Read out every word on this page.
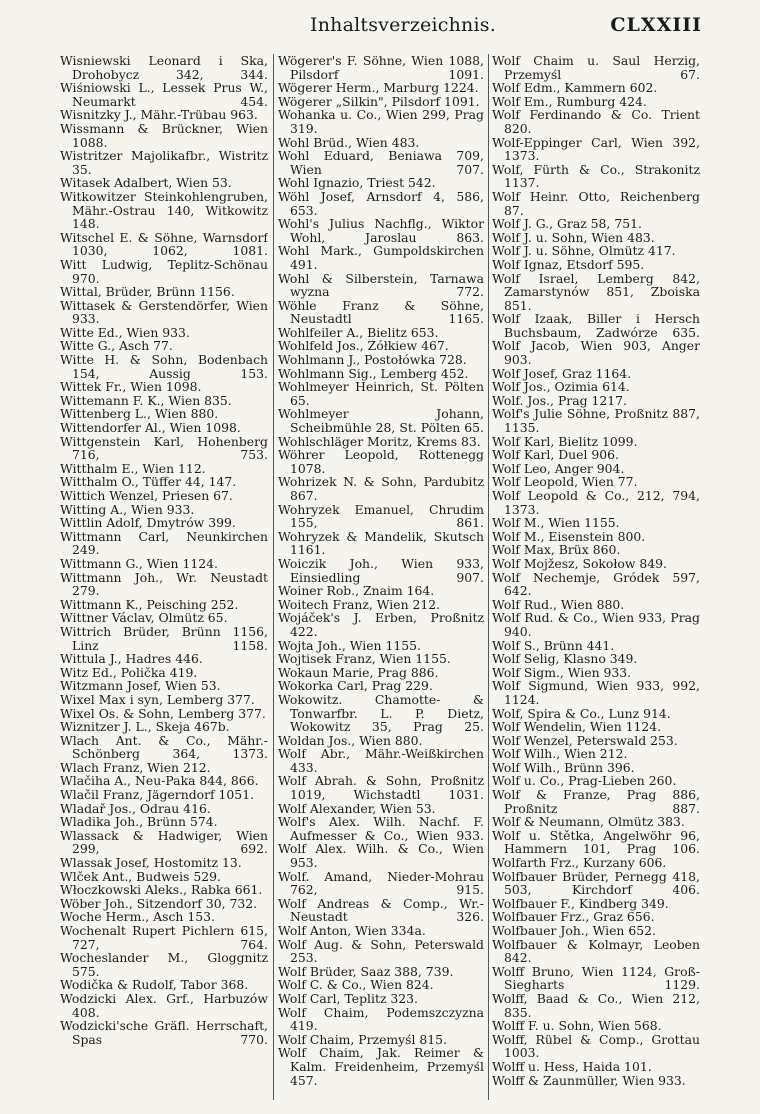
Inhaltsverzeichnis.	CLXXIII

Wisniewski Leonard i Ska, Drohobycz 342, 344.

Wiśniowski L., Lessek Prus W., Neumarkt 454.

Wisnitzky J., Mähr.-Trübau 963.

Wissmann & Brückner, Wien 1088.

Wistritzer Majolikafbr., Wistritz 35.

Witasek Adalbert, Wien 53.

Witkowitzer Steinkohlengruben, Mähr.-Ostrau 140, Witkowitz 148.

Witschel E. & Söhne, Warnsdorf 1030, 1062, 1081.

Witt Ludwig, Teplitz-Schönau 970.

Wittal, Brüder, Brünn 1156.

Wittasek & Gerstendörfer, Wien 933.

Witte Ed., Wien 933.

Witte G., Asch 77.

Witte H. & Sohn, Bodenbach 154, Aussig 153.

Wittek Fr., Wien 1098.

Wittemann F. K., Wien 835.

Wittenberg L., Wien 880.

Wittendorfer Al., Wien 1098.

Wittgenstein Karl, Hohenberg 716, 753.

Witthalm E., Wien 112.

Witthalm O., Tüffer 44, 147.

Wittich Wenzel, Priesen 67.

Witting A., Wien 933.

Wittlin Adolf, Dmytrów 399.

Wittmann Carl, Neunkirchen 249.

Wittmann G., Wien 1124.

Wittmann Joh., Wr. Neustadt 279.

Wittmann K., Peisching 252.

Wittner Václav, Olmütz 65.

Wittrich Brüder, Brünn 1156, Linz 1158.

Wittula J., Hadres 446.

Witz Ed., Polička 419.

Witzmann Josef, Wien 53.

Wixel Max i syn, Lemberg 377.

Wixel Os. & Sohn, Lemberg 377.

Wiznitzer J. L., Skeja 467b.

Wlach Ant. & Co., Mähr.-Schönberg 364, 1373.

Wlach Franz, Wien 212.

Wlačiha A., Neu-Paka 844, 866.

Wlačil Franz, Jägerndorf 1051.

Wladař Jos., Odrau 416.

Wladika Joh., Brünn 574.

Wlassack & Hadwiger, Wien 299, 692.

Wlassak Josef, Hostomitz 13.

Wlček Ant., Budweis 529.

Włoczkowski Aleks., Rabka 661.

Wöber Joh., Sitzendorf 30, 732.

Woche Herm., Asch 153.

Wochenalt Rupert Pichlern 615, 727, 764.

Wocheslander M., Gloggnitz 575.

Wodička & Rudolf, Tabor 368.

Wodzicki Alex. Grf., Harbuzów 408.

Wodzicki'sche Gräfl. Herrschaft, Spas 770.

Wögerer's F. Söhne, Wien 1088, Pilsdorf 1091.

Wögerer Herm., Marburg 1224.

Wögerer „Silkin", Pilsdorf 1091.

Wohanka u. Co., Wien 299, Prag 319.

Wohl Brüd., Wien 483.

Wohl Eduard, Beniawa 709, Wien 707.

Wohl Ignazio, Triest 542.

Wöhl Josef, Arnsdorf 4, 586, 653.

Wohl's Julius Nachflg., Wiktor Wohl, Jaroslau 863.

Wohl Mark., Gumpoldskirchen 491.

Wohl & Silberstein, Tarnawa wyzna 772.

Wöhle Franz & Söhne, Neustadtl 1165.

Wohlfeiler A., Bielitz 653.

Wohlfeld Jos., Zółkiew 467.

Wohlmann J., Postołówka 728.

Wohlmann Sig., Lemberg 452.

Wohlmeyer Heinrich, St. Pölten 65.

Wohlmeyer Johann, Scheibmühle 28, St. Pölten 65.

Wohlschläger Moritz, Krems 83.

Wöhrer Leopold, Rottenegg 1078.

Wohrizek N. & Sohn, Pardubitz 867.

Wohryzek Emanuel, Chrudim 155, 861.

Wohryzek & Mandelik, Skutsch 1161.

Woiczik Joh., Wien 933, Einsiedling 907.

Woiner Rob., Znaim 164.

Woitech Franz, Wien 212.

Wojáček's J. Erben, Proßnitz 422.

Wojta Joh., Wien 1155.

Wojtisek Franz, Wien 1155.

Wokaun Marie, Prag 886.

Wokorka Carl, Prag 229.

Wokowitz. Chamotte- & Tonwarfbr. L. P. Dietz, Wokowitz 35, Prag 25.

Woldan Jos., Wien 880.

Wolf Abr., Mähr.-Weißkirchen 433.

Wolf Abrah. & Sohn, Proßnitz 1019, Wichstadtl 1031.

Wolf Alexander, Wien 53.

Wolf's Alex. Wilh. Nachf. F. Aufmesser & Co., Wien 933.

Wolf Alex. Wilh. & Co., Wien 953.

Wolf. Amand, Nieder-Mohrau 762, 915.

Wolf Andreas & Comp., Wr.-Neustadt 326.

Wolf Anton, Wien 334a.

Wolf Aug. & Sohn, Peterswald 253.

Wolf Brüder, Saaz 388, 739.

Wolf C. & Co., Wien 824.

Wolf Carl, Teplitz 323.

Wolf Chaim, Podemszczyzna 419.

Wolf Chaim, Przemyśl 815.

Wolf Chaim, Jak. Reimer & Kalm. Freidenheim, Przemyśl 457.

Wolf Chaim u. Saul Herzig, Przemyśl 67.

Wolf Edm., Kammern 602.

Wolf Em., Rumburg 424.

Wolf Ferdinando & Co. Trient 820.

Wolf-Eppinger Carl, Wien 392, 1373.

Wolf, Fürth & Co., Strakonitz 1137.

Wolf Heinr. Otto, Reichenberg 87.

Wolf J. G., Graz 58, 751.

Wolf J. u. Sohn, Wien 483.

Wolf J. u. Söhne, Olmütz 417.

Wolf Ignaz, Etsdorf 595.

Wolf Israel, Lemberg 842, Zamarstynów 851, Zboiska 851.

Wolf Izaak, Biller i Hersch Buchsbaum, Zadwórze 635.

Wolf Jacob, Wien 903, Anger 903.

Wolf Josef, Graz 1164.

Wolf Jos., Ozimia 614.

Wolf. Jos., Prag 1217.

Wolf's Julie Söhne, Proßnitz 887, 1135.

Wolf Karl, Bielitz 1099.

Wolf Karl, Duel 906.

Wolf Leo, Anger 904.

Wolf Leopold, Wien 77.

Wolf Leopold & Co., 212, 794, 1373.

Wolf M., Wien 1155.

Wolf M., Eisenstein 800.

Wolf Max, Brüx 860.

Wolf Mojžesz, Sokołow 849.

Wolf Nechemje, Gródek 597, 642.

Wolf Rud., Wien 880.

Wolf Rud. & Co., Wien 933, Prag 940.

Wolf S., Brünn 441.

Wolf Selig, Klasno 349.

Wolf Sigm., Wien 933.

Wolf Sigmund, Wien 933, 992, 1124.

Wolf, Spira & Co., Lunz 914.

Wolf Wendelin, Wien 1124.

Wolf Wenzel, Peterswald 253.

Wolf Wilh., Wien 212.

Wolf Wilh., Brünn 396.

Wolf u. Co., Prag-Lieben 260.

Wolf & Franze, Prag 886, Proßnitz 887.

Wolf & Neumann, Olmütz 383.

Wolf u. Stětka, Angelwöhr 96, Hammern 101, Prag 106.

Wolfarth Frz., Kurzany 606.

Wolfbauer Brüder, Pernegg 418, 503, Kirchdorf 406.

Wolfbauer F., Kindberg 349.

Wolfbauer Frz., Graz 656.

Wolfbauer Joh., Wien 652.

Wolfbauer & Kolmayr, Leoben 842.

Wolff Bruno, Wien 1124, Groß-Siegharts 1129.

Wolff, Baad & Co., Wien 212, 835.

Wolff F. u. Sohn, Wien 568.

Wolff, Rübel & Comp., Grottau 1003.

Wolff u. Hess, Haida 101.

Wolff & Zaunmüller, Wien 933.
